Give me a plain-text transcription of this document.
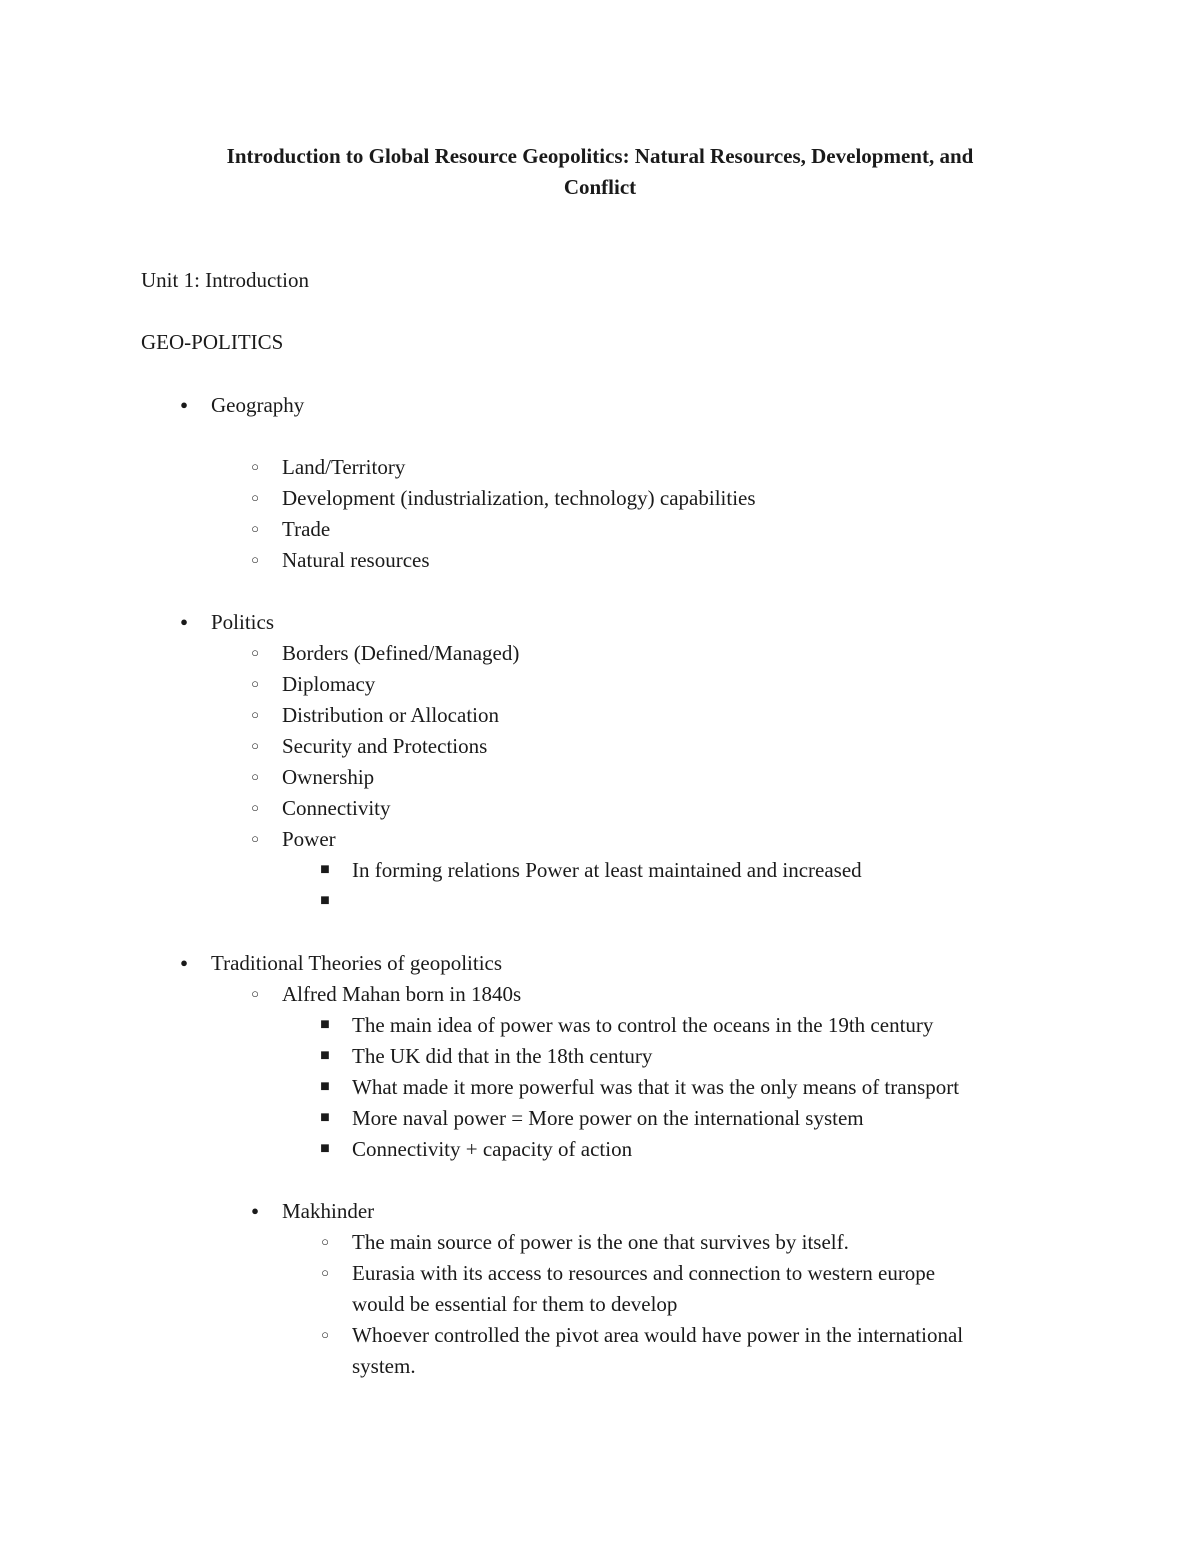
Introduction to Global Resource Geopolitics: Natural Resources, Development, and
Conflict
Unit 1: Introduction
GEO-POLITICS
● Geography
○ Land/Territory
○ Development (industrialization, technology) capabilities
○ Trade
○ Natural resources
● Politics
○ Borders (Defined/Managed)
○ Diplomacy
○ Distribution or Allocation
○ Security and Protections
○ Ownership
○ Connectivity
○ Power
■ In forming relations Power at least maintained and increased
■
● Traditional Theories of geopolitics
○ Alfred Mahan born in 1840s
■ The main idea of power was to control the oceans in the 19th century
■ The UK did that in the 18th century
■ What made it more powerful was that it was the only means of transport
■ More naval power = More power on the international system
■ Connectivity + capacity of action
● Makhinder
○ The main source of power is the one that survives by itself.
○ Eurasia with its access to resources and connection to western europe
would be essential for them to develop
○ Whoever controlled the pivot area would have power in the international
system.
